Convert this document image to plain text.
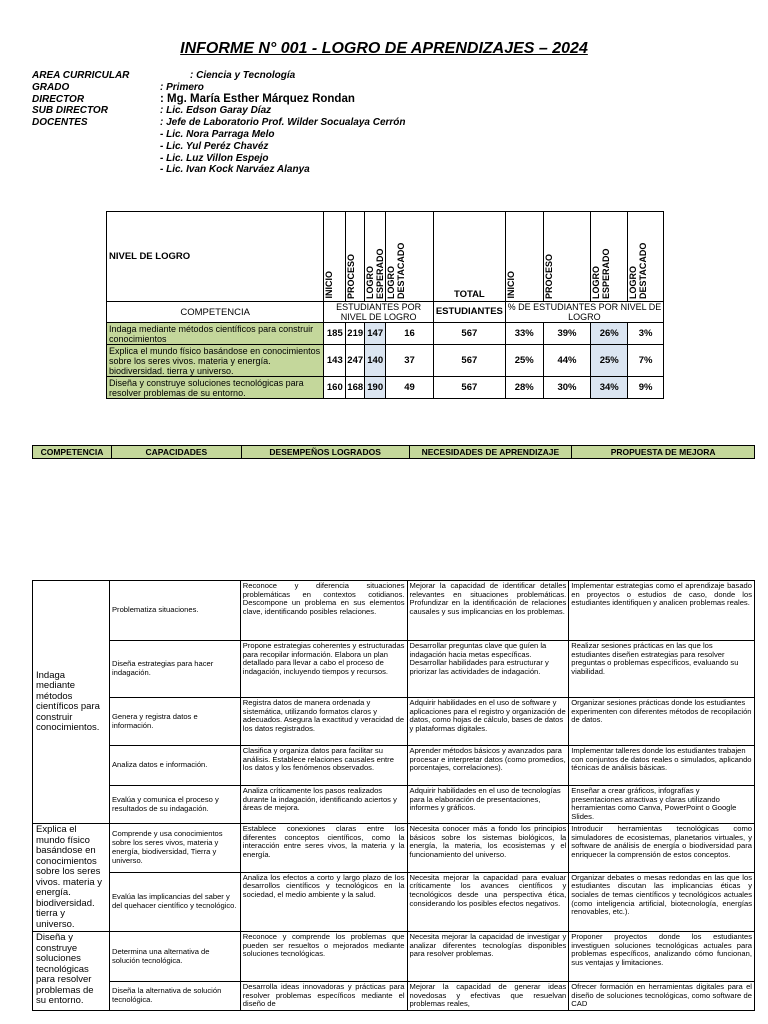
INFORME N° 001 - LOGRO DE APRENDIZAJES – 2024
AREA CURRICULAR	: Ciencia y Tecnología
GRADO	: Primero
DIRECTOR	: Mg. María Esther Márquez Rondan
SUB DIRECTOR	: Lic. Edson Garay Díaz
DOCENTES	: Jefe de Laboratorio Prof. Wilder Socualaya Cerrón
- Lic. Nora Parraga Melo
- Lic. Yul Peréz Chavéz
- Lic. Luz Villon Espejo
- Lic. Ivan Kock Narváez Alanya
NIVEL DE LOGRO	INICIO	PROCESO	LOGRO ESPERADO	LOGRO DESTACADO	TOTAL	INICIO	PROCESO	LOGRO ESPERADO	LOGRO DESTACADO
COMPETENCIA	ESTUDIANTES POR NIVEL DE LOGRO				ESTUDIANTES	% DE ESTUDIANTES POR NIVEL DE LOGRO			
Indaga mediante métodos científicos para construir conocimientos	185	219	147	16	567	33%	39%	26%	3%
Explica el mundo físico basándose en conocimientos sobre los seres vivos. materia y energía. biodiversidad. tierra y universo.	143	247	140	37	567	25%	44%	25%	7%
Diseña y construye soluciones tecnológicas para resolver problemas de su entorno.	160	168	190	49	567	28%	30%	34%	9%
COMPETENCIA	CAPACIDADES	DESEMPEÑOS LOGRADOS	NECESIDADES DE APRENDIZAJE	PROPUESTA DE MEJORA
Indaga mediante métodos científicos para construir conocimientos.	Problematiza situaciones.	Reconoce y diferencia situaciones problemáticas en contextos cotidianos. Descompone un problema en sus elementos clave, identificando posibles relaciones.	Mejorar la capacidad de identificar detalles relevantes en situaciones problemáticas. Profundizar en la identificación de relaciones causales y sus implicancias en los problemas.	Implementar estrategias como el aprendizaje basado en proyectos o estudios de caso, donde los estudiantes identifiquen y analicen problemas reales.
	Diseña estrategias para hacer indagación.	Propone estrategias coherentes y estructuradas para recopilar información. Elabora un plan detallado para llevar a cabo el proceso de indagación, incluyendo tiempos y recursos.	Desarrollar preguntas clave que guíen la indagación hacia metas específicas. Desarrollar habilidades para estructurar y priorizar las actividades de indagación.	Realizar sesiones prácticas en las que los estudiantes diseñen estrategias para resolver preguntas o problemas específicos, evaluando su viabilidad.
	Genera y registra datos e información.	Registra datos de manera ordenada y sistemática, utilizando formatos claros y adecuados. Asegura la exactitud y veracidad de los datos registrados.	Adquirir habilidades en el uso de software y aplicaciones para el registro y organización de datos, como hojas de cálculo, bases de datos y plataformas digitales.	Organizar sesiones prácticas donde los estudiantes experimenten con diferentes métodos de recopilación de datos.
	Analiza datos e información.	Clasifica y organiza datos para facilitar su análisis. Establece relaciones causales entre los datos y los fenómenos observados.	Aprender métodos básicos y avanzados para procesar e interpretar datos (como promedios, porcentajes, correlaciones).	Implementar talleres donde los estudiantes trabajen con conjuntos de datos reales o simulados, aplicando técnicas de análisis básicas.
	Evalúa y comunica el proceso y resultados de su indagación.	Analiza críticamente los pasos realizados durante la indagación, identificando aciertos y áreas de mejora.	Adquirir habilidades en el uso de tecnologías para la elaboración de presentaciones, informes y gráficos.	Enseñar a crear gráficos, infografías y presentaciones atractivas y claras utilizando herramientas como Canva, PowerPoint o Google Slides.
Explica el mundo físico basándose en conocimientos sobre los seres vivos. materia y energía. biodiversidad. tierra y universo.	Comprende y usa conocimientos sobre los seres vivos, materia y energía, biodiversidad, Tierra y universo.	Establece conexiones claras entre los diferentes conceptos científicos, como la interacción entre seres vivos, la materia y la energía.	Necesita conocer más a fondo los principios básicos sobre los sistemas biológicos, la energía, la materia, los ecosistemas y el funcionamiento del universo.	Introducir herramientas tecnológicas como simuladores de ecosistemas, planetarios virtuales, y software de análisis de energía o biodiversidad para enriquecer la comprensión de estos conceptos.
	Evalúa las implicancias del saber y del quehacer científico y tecnológico.	Analiza los efectos a corto y largo plazo de los desarrollos científicos y tecnológicos en la sociedad, el medio ambiente y la salud.	Necesita mejorar la capacidad para evaluar críticamente los avances científicos y tecnológicos desde una perspectiva ética, considerando los posibles efectos negativos.	Organizar debates o mesas redondas en las que los estudiantes discutan las implicancias éticas y sociales de temas científicos y tecnológicos actuales (como inteligencia artificial, biotecnología, energías renovables, etc.).
Diseña y construye soluciones tecnológicas para resolver problemas de su entorno.	Determina una alternativa de solución tecnológica.	Reconoce y comprende los problemas que pueden ser resueltos o mejorados mediante soluciones tecnológicas.	Necesita mejorar la capacidad de investigar y analizar diferentes tecnologías disponibles para resolver problemas.	Proponer proyectos donde los estudiantes investiguen soluciones tecnológicas actuales para problemas específicos, analizando cómo funcionan, sus ventajas y limitaciones.
	Diseña la alternativa de solución tecnológica.	Desarrolla ideas innovadoras y prácticas para resolver problemas específicos mediante el diseño de	Mejorar la capacidad de generar ideas novedosas y efectivas que resuelvan problemas reales,	Ofrecer formación en herramientas digitales para el diseño de soluciones tecnológicas, como software de CAD
